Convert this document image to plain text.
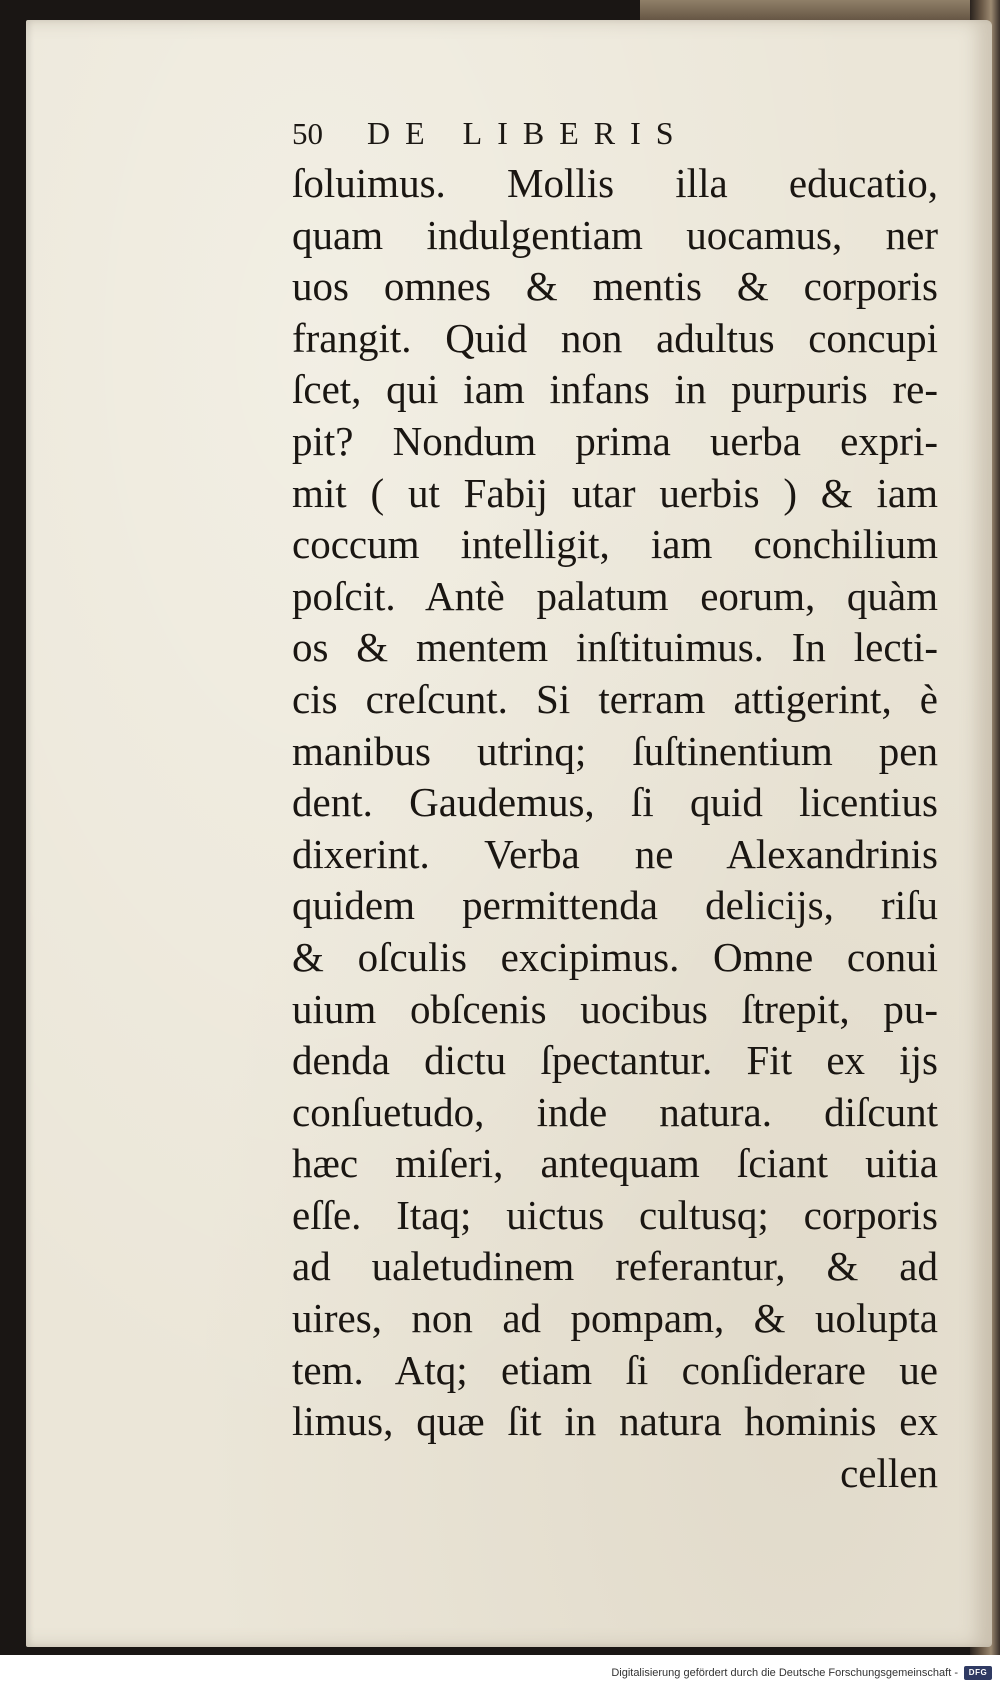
50 DE LIBERIS
ſoluimus. Mollis illa educatio,
quam indulgentiam uocamus, ner
uos omnes & mentis & corporis
frangit. Quid non adultus concupi
ſcet, qui iam infans in purpuris re-
pit? Nondum prima uerba expri-
mit ( ut Fabij utar uerbis ) & iam
coccum intelligit, iam conchilium
poſcit. Antè palatum eorum, quàm
os & mentem inſtituimus. In lecti-
cis creſcunt. Si terram attigerint, è
manibus utrinq; ſuſtinentium pen
dent. Gaudemus, ſi quid licentius
dixerint. Verba ne Alexandrinis
quidem permittenda delicijs, riſu
& oſculis excipimus. Omne conui
uium obſcenis uocibus ſtrepit, pu-
denda dictu ſpectantur. Fit ex ijs
conſuetudo, inde natura. diſcunt
hæc miſeri, antequam ſciant uitia
eſſe. Itaq; uictus cultusq; corporis
ad ualetudinem referantur, & ad
uires, non ad pompam, & uolupta
tem. Atq; etiam ſi conſiderare ue
limus, quæ ſit in natura hominis ex
cellen
Digitalisierung gefördert durch die Deutsche Forschungsgemeinschaft -	DFG
